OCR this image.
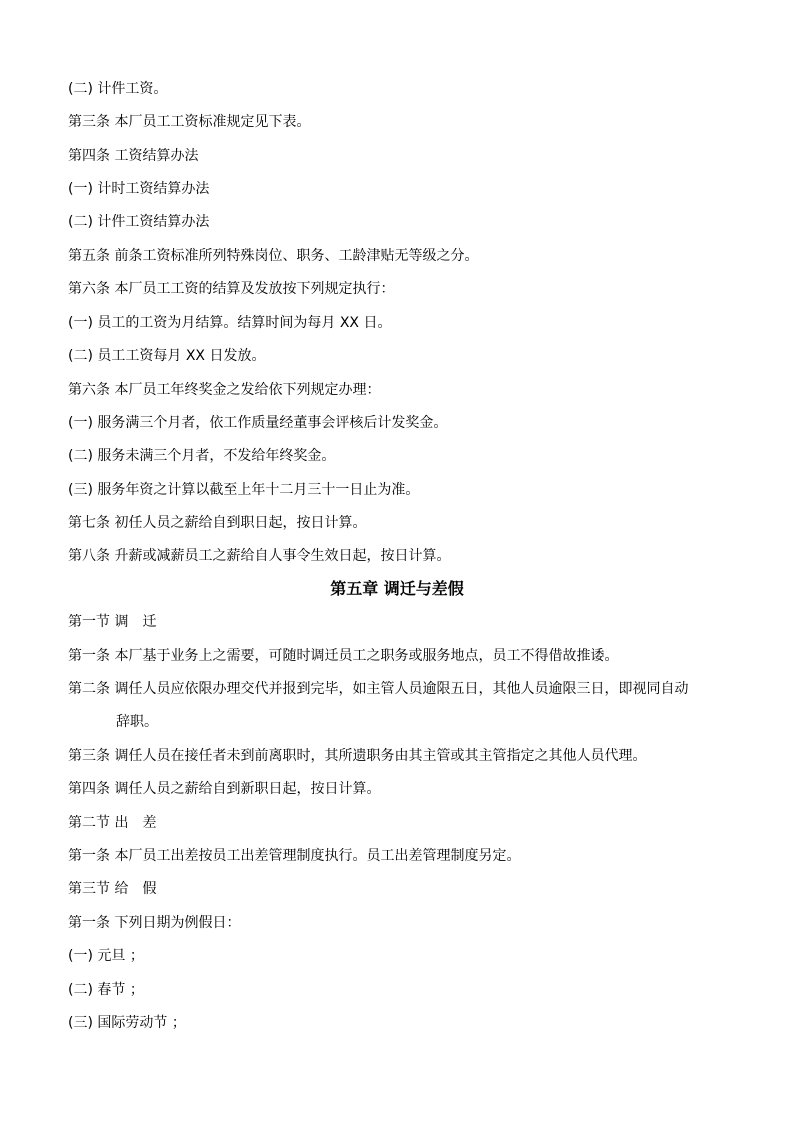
(二) 计件工资。
第三条 本厂员工工资标准规定见下表。
第四条 工资结算办法
(一) 计时工资结算办法
(二) 计件工资结算办法
第五条 前条工资标准所列特殊岗位、职务、工龄津贴无等级之分。
第六条 本厂员工工资的结算及发放按下列规定执行：
(一) 员工的工资为月结算。结算时间为每月 XX 日。
(二) 员工工资每月 XX 日发放。
第六条 本厂员工年终奖金之发给依下列规定办理：
(一) 服务满三个月者，依工作质量经董事会评核后计发奖金。
(二) 服务未满三个月者，不发给年终奖金。
(三) 服务年资之计算以截至上年十二月三十一日止为准。
第七条 初任人员之薪给自到职日起，按日计算。
第八条 升薪或减薪员工之薪给自人事令生效日起，按日计算。
第五章 调迁与差假
第一节 调　迁
第一条 本厂基于业务上之需要，可随时调迁员工之职务或服务地点，员工不得借故推诿。
第二条 调任人员应依限办理交代并报到完毕，如主管人员逾限五日，其他人员逾限三日，即视同自动
辞职。
第三条 调任人员在接任者未到前离职时，其所遗职务由其主管或其主管指定之其他人员代理。
第四条 调任人员之薪给自到新职日起，按日计算。
第二节 出　差
第一条 本厂员工出差按员工出差管理制度执行。员工出差管理制度另定。
第三节 给　假
第一条 下列日期为例假日：
(一) 元旦 ；
(二) 春节 ；
(三) 国际劳动节 ；
